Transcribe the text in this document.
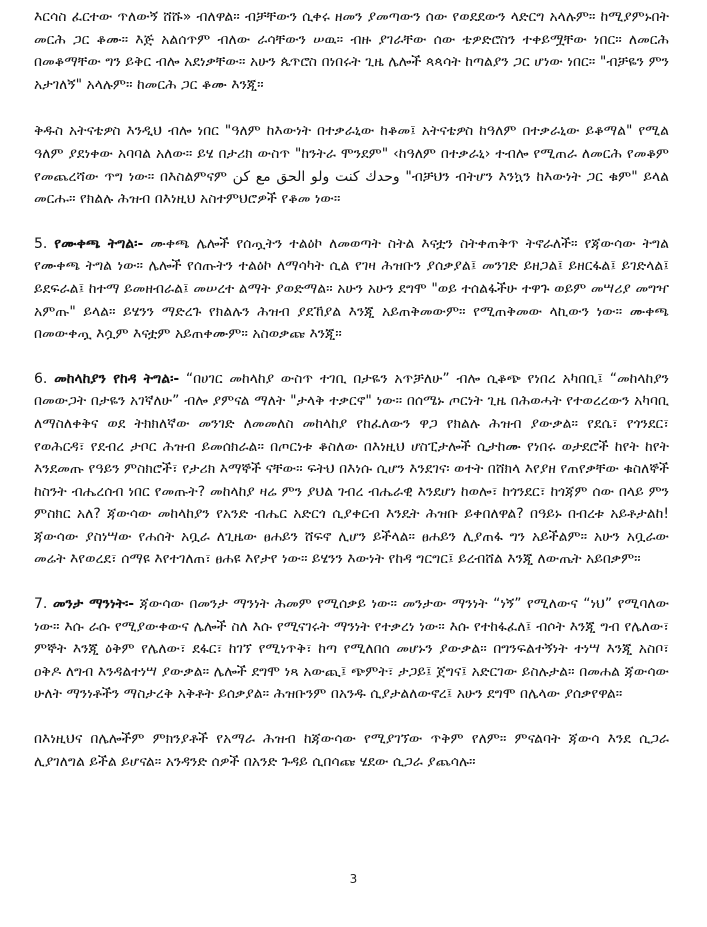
እርሳስ ፈርተው ጥለውኝ ሸሹ» ብለዋል። ብቻቸውን ሲቀሩ ዘመን ያመጣውን ሰው የወደደውን ላድርግ አላሉም። ከሚያምኑበት መርሕ ጋር ቆሙ። እጅ አልሰጥም ብለው ራሳቸውን ሠዉ። ብዙ ያገራቸው ሰው ቴዎድሮስን ተቀይሟቸው ነበር። ለመርሕ በመቆማቸው ግን ይቅር ብሎ አደነቃቸው። አሁን ጴጥሮስ በነበሩት ጊዜ ሌሎች ጳጳሳት ከጣልያን ጋር ሆነው ነበር። "ብቻዬን ምን አታገለኝ" አላሉም። ከመርሕ ጋር ቆሙ እንጂ።

ቅዱስ አትናቴዎስ እንዲህ ብሎ ነበር "ዓለም ከእውነት በተቃራኒው ከቆመ፤ አትናቴዎስ ከዓለም በተቃራኒው ይቆማል" የሚል ዓለም ያደነቀው አባባል አለው። ይሄ በታሪክ ውስጥ "ከንትራ ሞንደም" ‹ከዓለም በተቃራኒ› ተብሎ የሚጠራ ለመርሕ የመቆም የመጨረሻው ጥግ ነው። በእስልምናም وحدك كنت ولو الحق مع كن "ብቻህን ብትሆን እንኳን ከእውነት ጋር ቁም" ይላል መርሑ። የክልሉ ሕዝብ በእነዚህ አስተምህሮዎች የቆመ ነው።

5. የሙቀጫ ትግል፡- ሙቀጫ ሌሎች የሰጧትን ተልዕኮ ለመወጣት ስትል እናቷን ስትቀጠቅጥ ትኖራለች። የጃውሳው ትግል የሙቀጫ ትግል ነው። ሌሎች የሰጡትን ተልዕኮ ለማሳካት ሲል የገዛ ሕዝቡን ያሰቃያል፤ መንገድ ይዘጋል፤ ይዘርፋል፤ ይገድላል፤ ይደፍራል፤ ከተማ ይመዘብራል፤ መሠረተ ልማት ያወድማል። አሁን አሁን ደግሞ "ወይ ተሰልፋችሁ ተዋጉ ወይም መሣሪያ መግዣ አምጡ" ይላል። ይሄንን ማድረጉ የክልሉን ሕዝብ ያደኸያል እንጂ አይጠቅመውም። የሚጠቅመው ላኪውን ነው። ሙቀጫ በመውቀጧ እሷም እናቷም አይጠቀሙም። አስወቃጩ እንጂ።

6. መከላከያን የከዳ ትግል፡- “በሀገር መከላከያ ውስጥ ተገቢ በታዬን አጥቻለሁ” ብሎ ሲቆጭ የነበረ አካበቢ፤ “መከላከያን በመውጋት በታዬን አገኛለሁ” ብሎ ያምናል ማለት "ታላቅ ተቃርኖ" ነው። በሰሜኑ ጦርነት ጊዜ በሕወሓት የተወረረውን አካባቢ ለማስለቀቅና ወደ ትክክለኛው መንገድ ለመመለስ መከላከያ የከፈለውን ዋጋ የክልሉ ሕዝብ ያውቃል። የደሴ፣ የጎንደር፣ የወሕርዳ፣ የደብረ ታቦር ሕዝብ ይመሰክራል። በጦርነቱ ቆስለው በእነዚህ ሆስፒታሎች ሲታከሙ የነበሩ ወታደሮች ከየት ከየት እንደመጡ የዓይን ምስክሮች፣ የታሪክ እማኞች ናቸው። ፍትህ በእነሱ ሲሆን እንደገና፡ ወተት በሸክላ እየያዘ የጠየቃቸው ቁስለኞች ከስንት ብሔረሰብ ነበር የመጡት? መከላከያ ዛሬ ምን ያህል ገብረ ብሔራዊ እንደሆነ ከወሎ፣ ከጎንደር፣ ከጎጃም ሰው በላይ ምን ምስክር አለ? ጃውሳው መከላከያን የአንድ ብሔር አድርጎ ሲያቀርብ እንዴት ሕዝቡ ይቀበለዋል? በዓይኑ በብረቱ አይቶታልከ! ጃውሳው ያስነሣው የሐሰት አቧራ ለጊዜው ፀሐይን ሸፍኖ ሊሆን ይችላል። ፀሐይን ሊያጠፋ ግን አይችልም። አሁን አቧራው መሬት እየወረደ፣ ሰማዩ እየተገለጠ፣ ፀሐዩ እየታየ ነው። ይሄንን እውነት የከዳ ግርግር፤ ይረብሸል እንጂ ለውጤት አይበቃም።

7. መንታ ማንነት፡- ጃውሳው በመንታ ማንነት ሕመም የሚሰቃይ ነው። መንታው ማንነት “ነኝ” የሚለውና “ነህ” የሚባለው ነው። እሱ ራሱ የሚያውቀውና ሌሎች ስለ እሱ የሚናገሩት ማንነት የተቃረነ ነው። እሱ የተከፋፈለ፤ ብሶት እንጂ ግብ የሌለው፣ ምኞት እንጂ ዕቅም የሌለው፣ ደፋር፣ ከገኘ የሚነጥቅ፣ ከጣ የሚለበሰ መሆኑን ያውቃል። በግንፍልተኝነት ተነሣ እንጂ አስቦ፣ ዐቅዶ ለግብ እንዳልተነሣ ያውቃል። ሌሎች ደግሞ ነጻ አውጪ፤ ጭምት፣ ታጋይ፤ ጀግና፤ አድርገው ይስሉታል። በመሐል ጃውሳው ሁለት ማንነቶችን ማስታረቅ አቅቶት ይሰቃያል። ሕዝቡንም በአንዱ ሲያታልለውኖረ፤ አሁን ደግሞ በሌላው ያሰቃየዋል።

በእነዚህና በሌሎችም ምክንያቶች የአማራ ሕዝብ ከጃውሳው የሚያገኘው ጥቅም የለም። ምናልባት ጃውሳ እንደ ሲጋራ ሊያገለግል ይችል ይሆናል። አንዳንድ ሰዎች በአንድ ጉዳይ ሲበሳጩ ሄደው ሲጋራ ያጨሳሉ።

3
